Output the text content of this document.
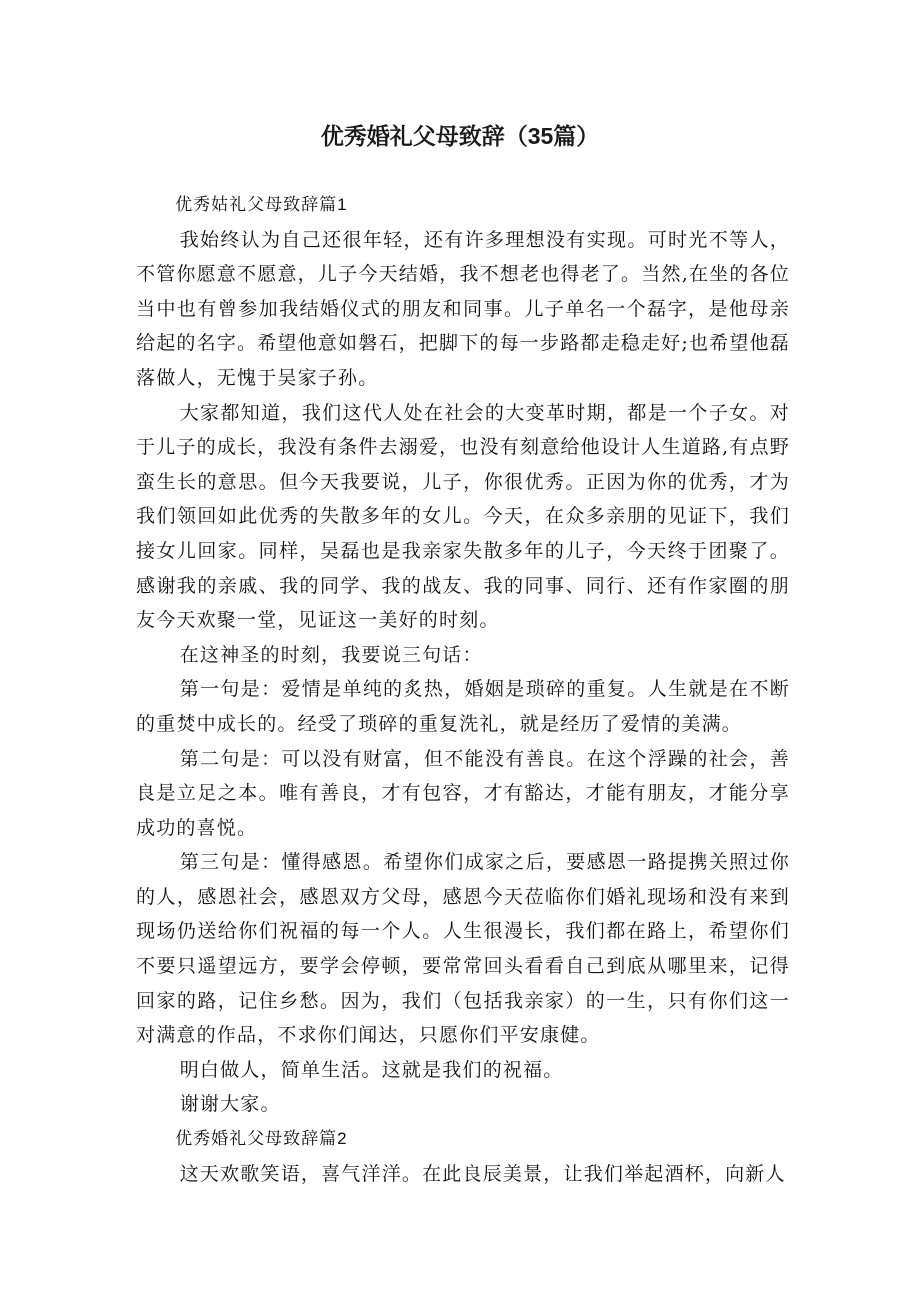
优秀婚礼父母致辞（35篇）

优秀姑礼父母致辞篇1

我始终认为自己还很年轻，还有许多理想没有实现。可时光不等人，不管你愿意不愿意，儿子今天结婚，我不想老也得老了。当然,在坐的各位当中也有曾参加我结婚仪式的朋友和同事。儿子单名一个磊字，是他母亲给起的名字。希望他意如磐石，把脚下的每一步路都走稳走好;也希望他磊落做人，无愧于吴家子孙。

大家都知道，我们这代人处在社会的大变革时期，都是一个子女。对于儿子的成长，我没有条件去溺爱，也没有刻意给他设计人生道路,有点野蛮生长的意思。但今天我要说，儿子，你很优秀。正因为你的优秀，才为我们领回如此优秀的失散多年的女儿。今天，在众多亲朋的见证下，我们接女儿回家。同样，吴磊也是我亲家失散多年的儿子，今天终于团聚了。感谢我的亲戚、我的同学、我的战友、我的同事、同行、还有作家圈的朋友今天欢聚一堂，见证这一美好的时刻。

在这神圣的时刻，我要说三句话：

第一句是：爱情是单纯的炙热，婚姻是琐碎的重复。人生就是在不断的重焚中成长的。经受了琐碎的重复洗礼，就是经历了爱情的美满。

第二句是：可以没有财富，但不能没有善良。在这个浮躁的社会，善良是立足之本。唯有善良，才有包容，才有豁达，才能有朋友，才能分享成功的喜悦。

第三句是：懂得感恩。希望你们成家之后，要感恩一路提携关照过你的人，感恩社会，感恩双方父母，感恩今天莅临你们婚礼现场和没有来到现场仍送给你们祝福的每一个人。人生很漫长，我们都在路上，希望你们不要只遥望远方，要学会停顿，要常常回头看看自己到底从哪里来，记得回家的路，记住乡愁。因为，我们（包括我亲家）的一生，只有你们这一对满意的作品，不求你们闻达，只愿你们平安康健。

明白做人，简单生活。这就是我们的祝福。

谢谢大家。

优秀婚礼父母致辞篇2

这天欢歌笑语，喜气洋洋。在此良辰美景，让我们举起酒杯，向新人
